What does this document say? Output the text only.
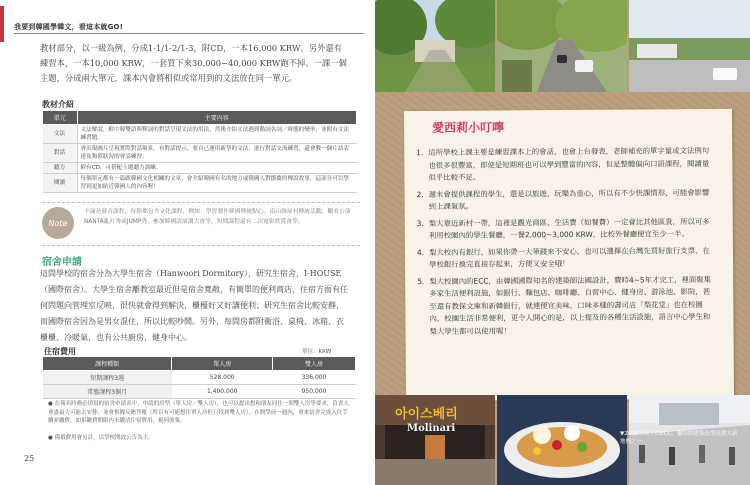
我要到韓國學韓文，看這本就GO!
教材部分，以一級為例，分成1-1/1-2/1-3，附CD，一本16,000 KRW。另外還有練習本，一本10,000 KRW，一套買下來30,000~40,000 KRW跑不掉。一課一個主題，分成兩大單元，課本內會將相似或常用到的文法放在同一單元。
教材介紹
單元	主要內容
文法	文法解說，附中韓雙語與釋詞的對話呈現文法的用法，然後介紹文法遇到動詞名詞／時態的變形，並附有文法練習題。
對話	會出現圖片呈現實際對話場景，有對話提示，要自己運用新學的文法，進行對話交流練習，還會教一個片語表達及類似狀況的會話練習。
聽力	附有CD，可搭配主題聽力訓練。
閱讀	每個單元都有一篇跟韓國文化相關的文章，會介紹韓國有名的地方或韓國人對節慶的傳說故事，這部分可以學習到更加貼近韓國人的內容喔！
Note
不論是發音課程，每節都包含文化課程，例如：學習製作韓國傳統點心、南山韓屋村傳統活動、觀看公演NANTA亂打秀或JUMP秀、參加韓國語演講大會等，短期課程還有二次電影欣賞會等。
宿舍申請
這間學校的宿舍分為大學生宿舍（Hanwoori Dormitory），研究生宿舍，I-HOUSE（國際宿舍）。大學生宿舍離教室最近但是宿舍寬敞，有簡單的便利商店，住宿方面有任何問題向管理室反映，很快就會得到解決，櫃檯好又好講便利；研究生宿舍比較安靜，而國際宿舍因為是男女混住，所以比較吵鬧。另外，每間房都附衛浴、桌椅、冰箱、衣櫃櫃、冷暖氣，也有公共廚房，健身中心。
住宿費用	單位：KRW
課程種類	單人房	雙人房
短期課程3週	528,000	336,000
常態課程3個月	1,400,000	950,000
● 在報名時務必填寫的宿舍申請表中，申請的房型（單人房／雙人房），也可以提出想和朋友同住一間雙人房等要求，負責人會盡最大可能去安排，並會根據反應答覆（所以有可能想住單人房但只找到雙人房）。在開學前一週內，會來宿舍完成入住手續並繳費，如果繳費期限內未繳清住宿費用，視同放棄。
● 備抵費用會另計，以學校開放公告為主。
25
愛西莉小叮嚀
1. 這所學校上課主要是練習課本上的會話，也會上台發表，老師補充的單字量或文法例句也很多很豐富，即使是短期班也可以學到豐富的內容，但是整體偏向口語課程，閱讀量似乎比較不足。
2. 週末會提供課程的學生，還是以旅遊、玩樂為重心，所以有不少快課情形，可能會影響到上課氣氛。
3. 梨大靠近新村一帶，這裡是觀光商區，生活費（如餐費）一定會比其他區貴，所以可多利用校園內的學生餐廳，一餐2,000~3,000 KRW，比校外餐廳便宜至少一半。
4. 梨大校內有銀行，如果你帶一大筆錢來不安心，也可以選擇在台灣先買好旅行支票，在學校銀行換完直接存起來，方便又安全哦！
5. 梨大校園內的ECC，由韓國國際知名的建築師法國設計，費時4~5年才完工，裡面聚集多家生活便利設施，如銀行、麵包店、咖啡廳、自習中心、健身房、游泳池、影院，甚至還有教保文庫和新韓銀行，就連便宜美味，口味多樣的壽司店「梨花堂」也在校園內，校園生活非常便利，更令人開心的是，以上提及的各種生活設施，語言中心學生和梨大學生都可以使用喔！
아이스베리
Molinari	▼2008年竣工的ECC，獨特的建築造型是梨大新地標之一
